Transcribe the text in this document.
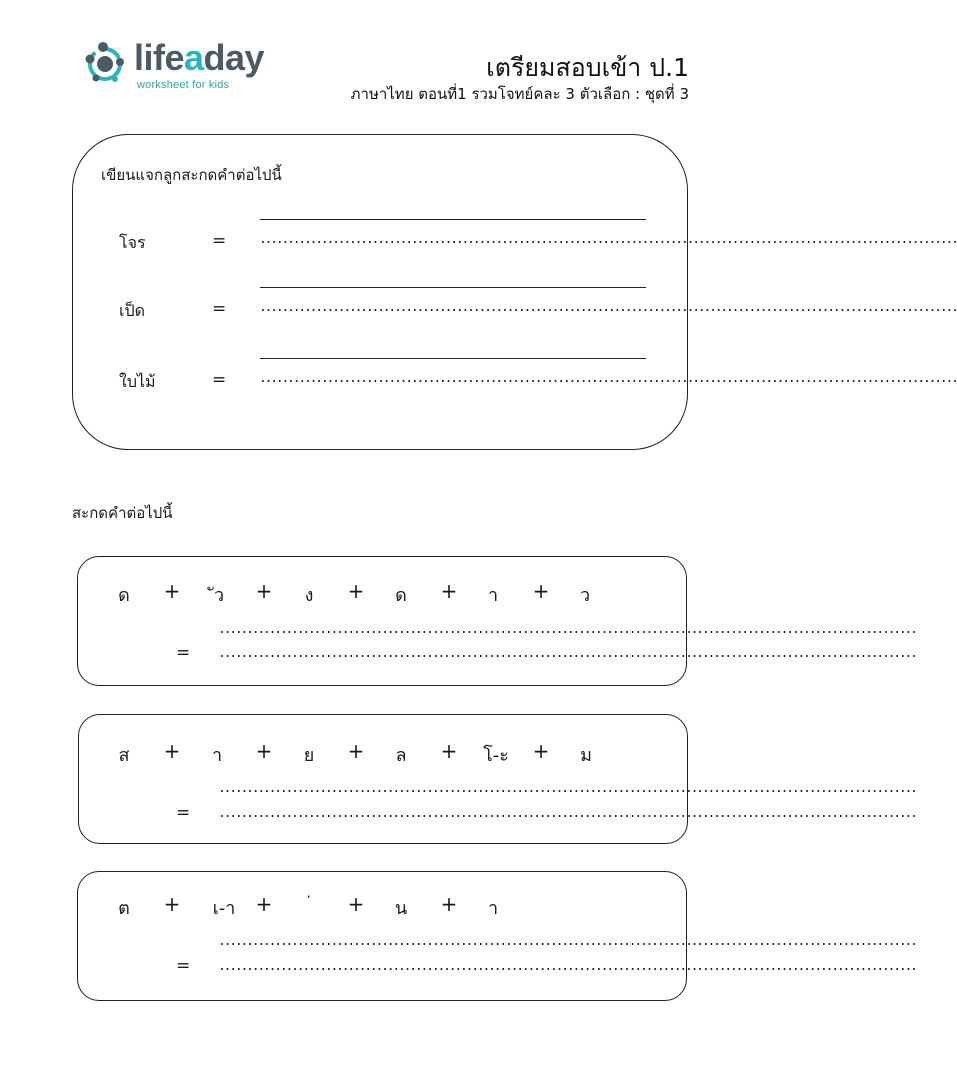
lifeaday
worksheet for kids
เตรียมสอบเข้า ป.1
ภาษาไทย ตอนที่1 รวมโจทย์คละ 3 ตัวเลือก : ชุดที่ 3
เขียนแจกลูกสะกดคำต่อไปนี้
โจร	=	............................................................................................................................
เป็ด	=	............................................................................................................................
ใบไม้	=	............................................................................................................................
สะกดคำต่อไปนี้
ด	+	ัว	+	ง	+	ด	+	า	+	ว
............................................................................................................................
= ............................................................................................................................
ส	+	า	+	ย	+	ล	+	โ-ะ	+	ม
............................................................................................................................
= ............................................................................................................................
ต	+	เ-า	+	+	น	+	า
............................................................................................................................
= ............................................................................................................................
